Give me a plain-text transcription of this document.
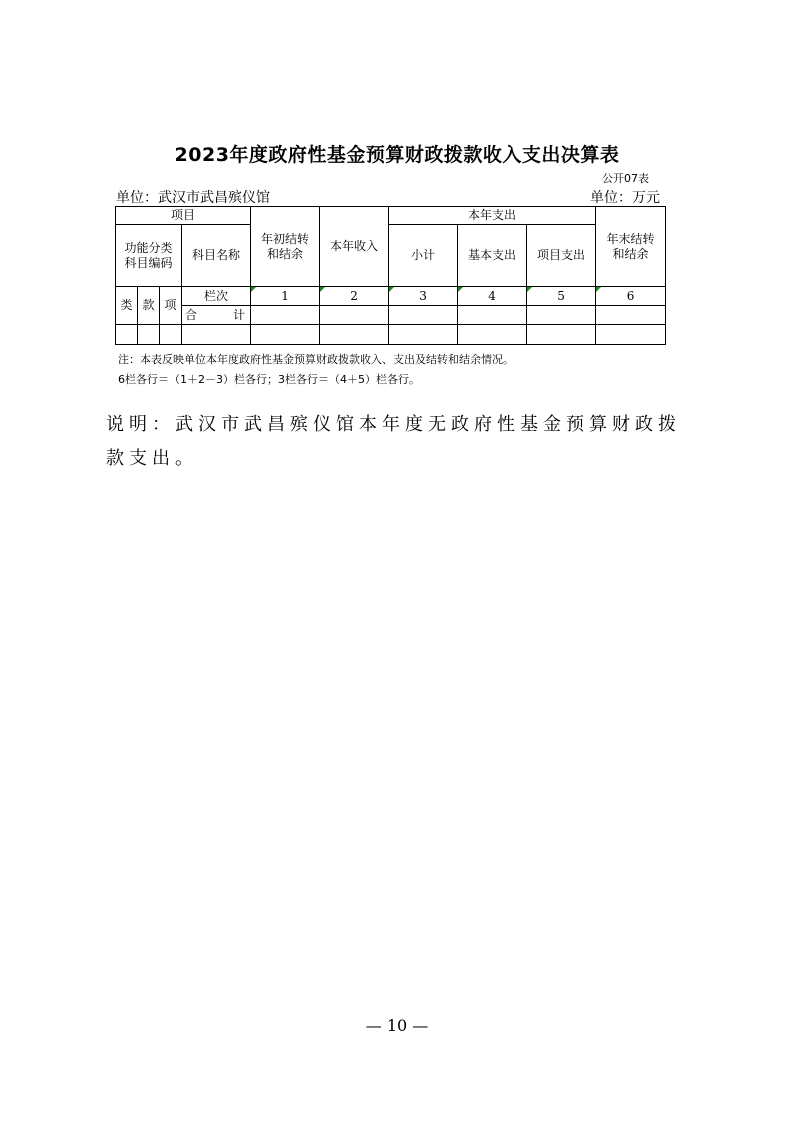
2023年度政府性基金预算财政拨款收入支出决算表
公开07表
单位：武汉市武昌殡仪馆	单位：万元
项目				年初结转和结余	本年收入	本年支出			年末结转和结余
功能分类科目编码			科目名称			小计	基本支出	项目支出	
类	款	项	栏次	1	2	3	4	5	6
			合 计						

注：本表反映单位本年度政府性基金预算财政拨款收入、支出及结转和结余情况。
6栏各行＝（1＋2－3）栏各行；3栏各行＝（4＋5）栏各行。
说明：武汉市武昌殡仪馆本年度无政府性基金预算财政拨款支出。
— 10 —
